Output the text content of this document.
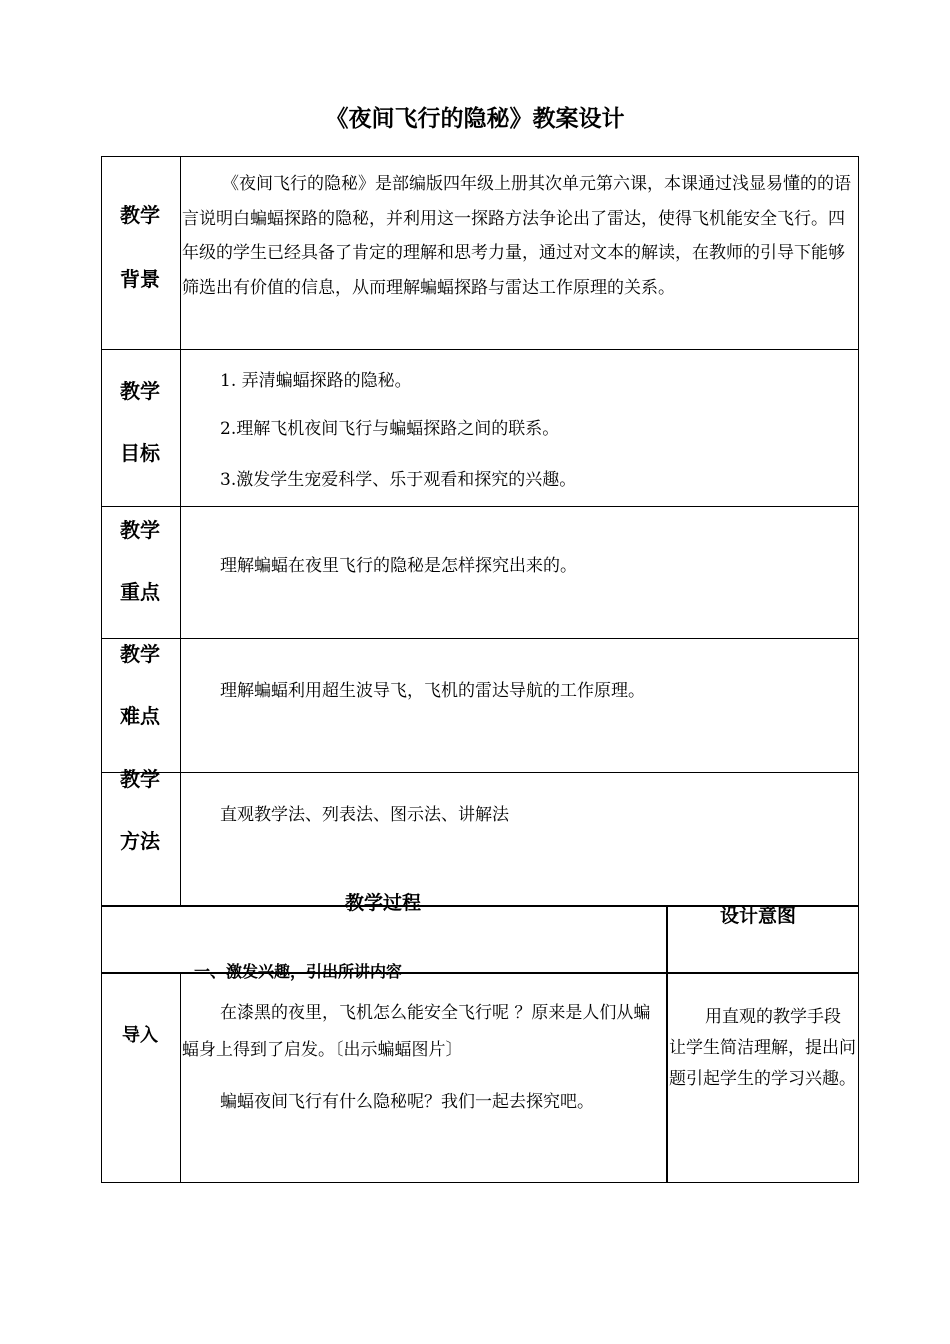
《夜间飞行的隐秘》教案设计
教学
背景
《夜间飞行的隐秘》是部编版四年级上册其次单元第六课，本课通过浅显易懂的的语言说明白蝙蝠探路的隐秘，并利用这一探路方法争论出了雷达，使得飞机能安全飞行。四年级的学生已经具备了肯定的理解和思考力量，通过对文本的解读，在教师的引导下能够筛选出有价值的信息，从而理解蝙蝠探路与雷达工作原理的关系。
教学
目标
1. 弄清蝙蝠探路的隐秘。
2.理解飞机夜间飞行与蝙蝠探路之间的联系。
3.激发学生宠爱科学、乐于观看和探究的兴趣。
教学
重点
理解蝙蝠在夜里飞行的隐秘是怎样探究出来的。
教学
难点
理解蝙蝠利用超生波导飞，飞机的雷达导航的工作原理。
教学
方法
直观教学法、列表法、图示法、讲解法
教学过程
设计意图
一、激发兴趣，引出所讲内容
导入
在漆黑的夜里，飞机怎么能安全飞行呢 ？原来是人们从蝙蝠身上得到了启发。〔出示蝙蝠图片〕
蝙蝠夜间飞行有什么隐秘呢？我们一起去探究吧。
用直观的教学手段让学生简洁理解，提出问题引起学生的学习兴趣。
